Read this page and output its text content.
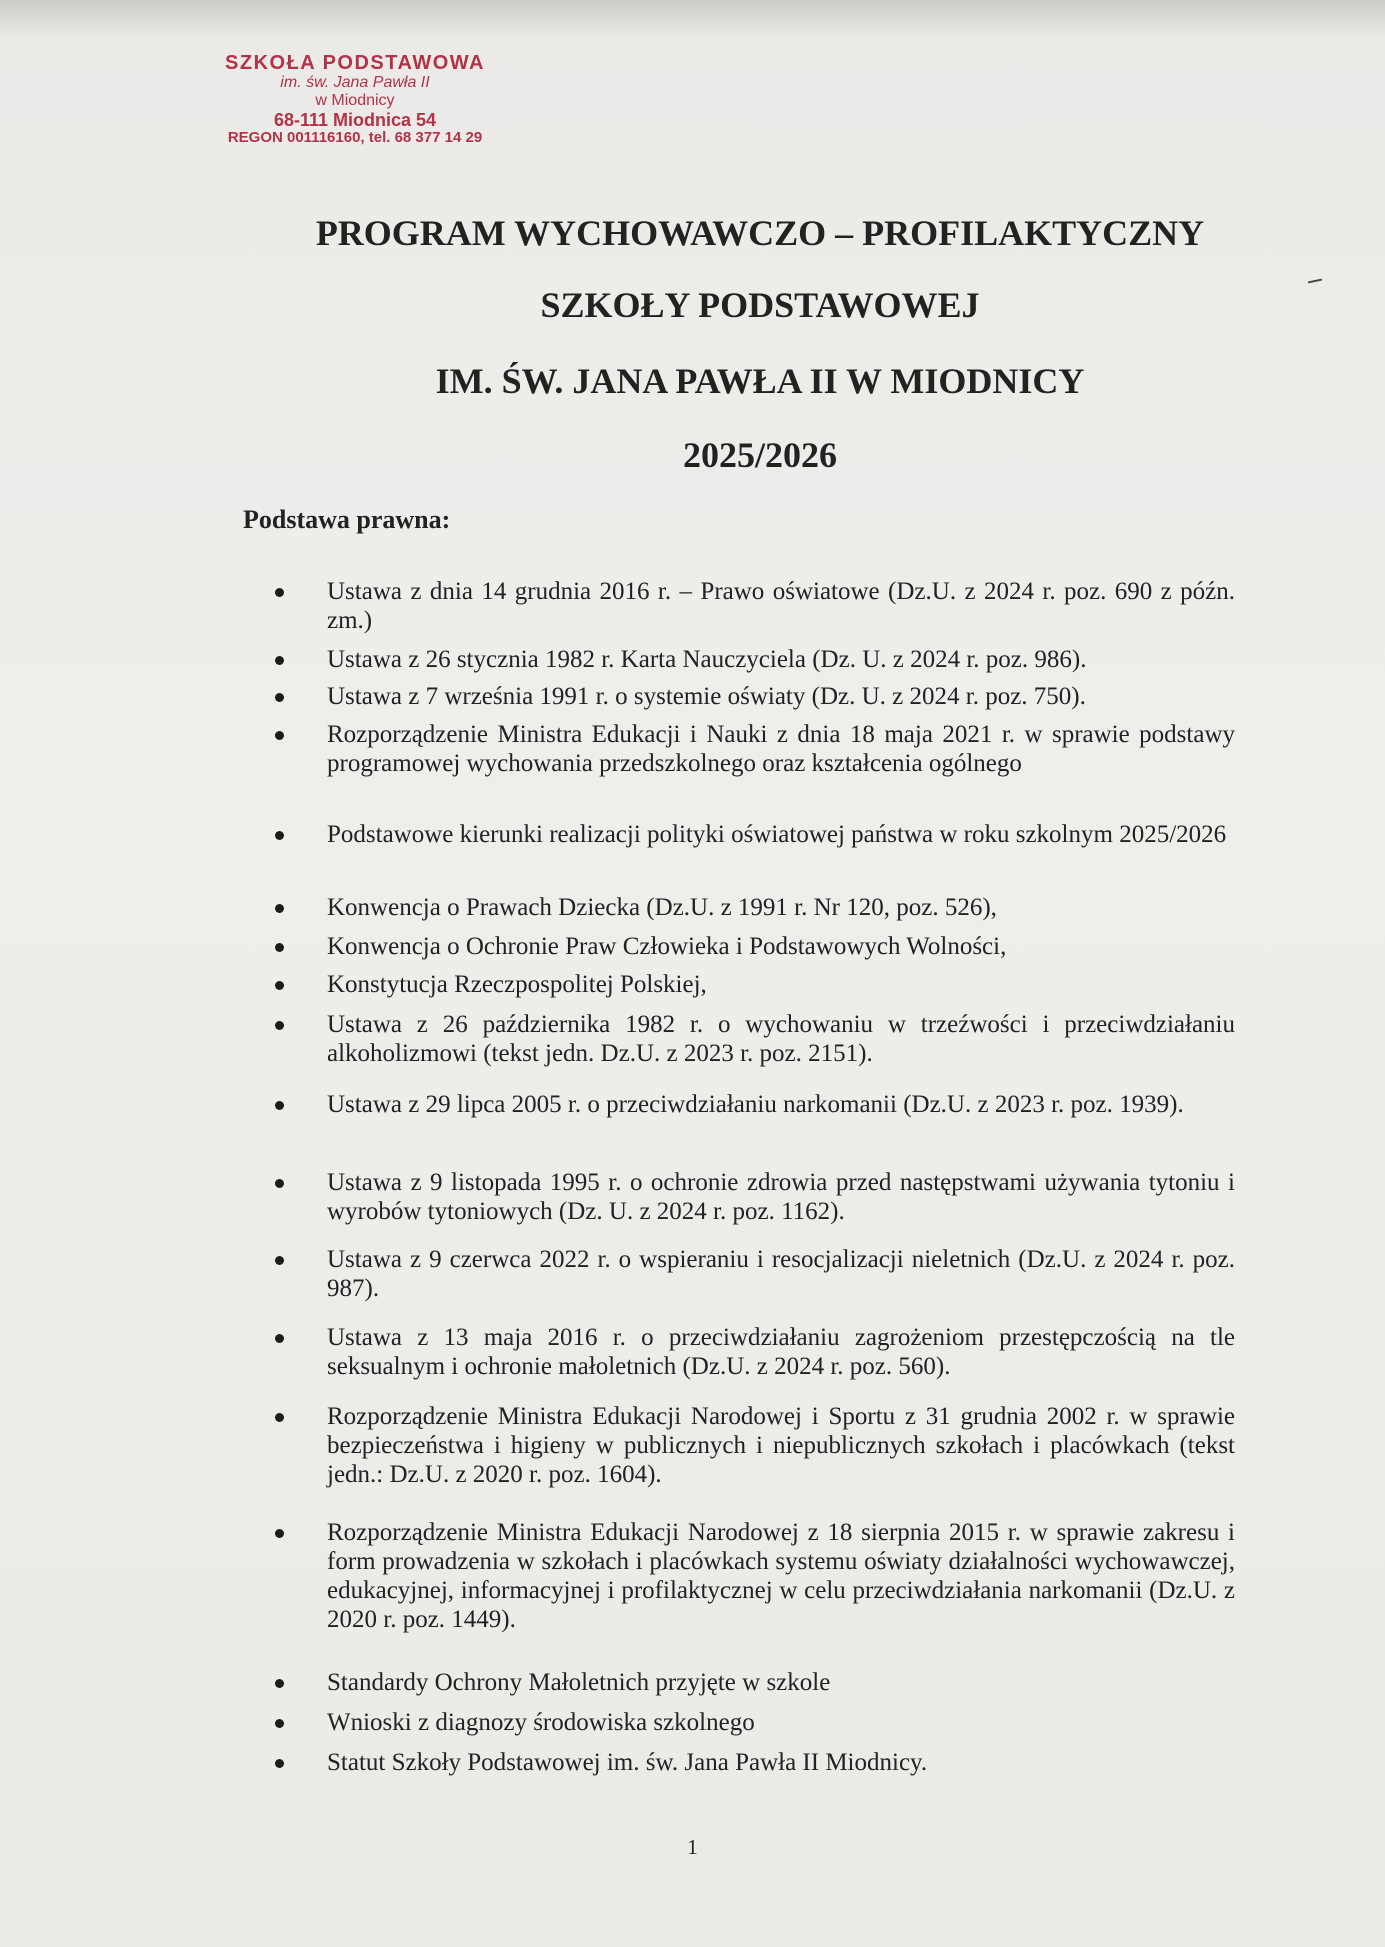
SZKOŁA PODSTAWOWA
im. św. Jana Pawła II
w Miodnicy
68-111 Miodnica 54
REGON 001116160, tel. 68 377 14 29
PROGRAM WYCHOWAWCZO – PROFILAKTYCZNY
SZKOŁY PODSTAWOWEJ
IM. ŚW. JANA PAWŁA II W MIODNICY
2025/2026
Podstawa prawna:
Ustawa z dnia 14 grudnia 2016 r. – Prawo oświatowe (Dz.U. z 2024 r. poz. 690 z późn. zm.)
Ustawa z 26 stycznia 1982 r. Karta Nauczyciela (Dz. U. z 2024 r. poz. 986).
Ustawa z 7 września 1991 r. o systemie oświaty (Dz. U. z 2024 r. poz. 750).
Rozporządzenie Ministra Edukacji i Nauki z dnia 18 maja 2021 r. w sprawie podstawy programowej wychowania przedszkolnego oraz kształcenia ogólnego
Podstawowe kierunki realizacji polityki oświatowej państwa w roku szkolnym 2025/2026
Konwencja o Prawach Dziecka (Dz.U. z 1991 r. Nr 120, poz. 526),
Konwencja o Ochronie Praw Człowieka i Podstawowych Wolności,
Konstytucja Rzeczpospolitej Polskiej,
Ustawa z 26 października 1982 r. o wychowaniu w trzeźwości i przeciwdziałaniu alkoholizmowi (tekst jedn. Dz.U. z 2023 r. poz. 2151).
Ustawa z 29 lipca 2005 r. o przeciwdziałaniu narkomanii (Dz.U. z 2023 r. poz. 1939).
Ustawa z 9 listopada 1995 r. o ochronie zdrowia przed następstwami używania tytoniu i wyrobów tytoniowych (Dz. U. z 2024 r. poz. 1162).
Ustawa z 9 czerwca 2022 r. o wspieraniu i resocjalizacji nieletnich (Dz.U. z 2024 r. poz. 987).
Ustawa z 13 maja 2016 r. o przeciwdziałaniu zagrożeniom przestępczością na tle seksualnym i ochronie małoletnich (Dz.U. z 2024 r. poz. 560).
Rozporządzenie Ministra Edukacji Narodowej i Sportu z 31 grudnia 2002 r. w sprawie bezpieczeństwa i higieny w publicznych i niepublicznych szkołach i placówkach (tekst jedn.: Dz.U. z 2020 r. poz. 1604).
Rozporządzenie Ministra Edukacji Narodowej z 18 sierpnia 2015 r. w sprawie zakresu i form prowadzenia w szkołach i placówkach systemu oświaty działalności wychowawczej, edukacyjnej, informacyjnej i profilaktycznej w celu przeciwdziałania narkomanii (Dz.U. z 2020 r. poz. 1449).
Standardy Ochrony Małoletnich przyjęte w szkole
Wnioski z diagnozy środowiska szkolnego
Statut Szkoły Podstawowej im. św. Jana Pawła II Miodnicy.
1
